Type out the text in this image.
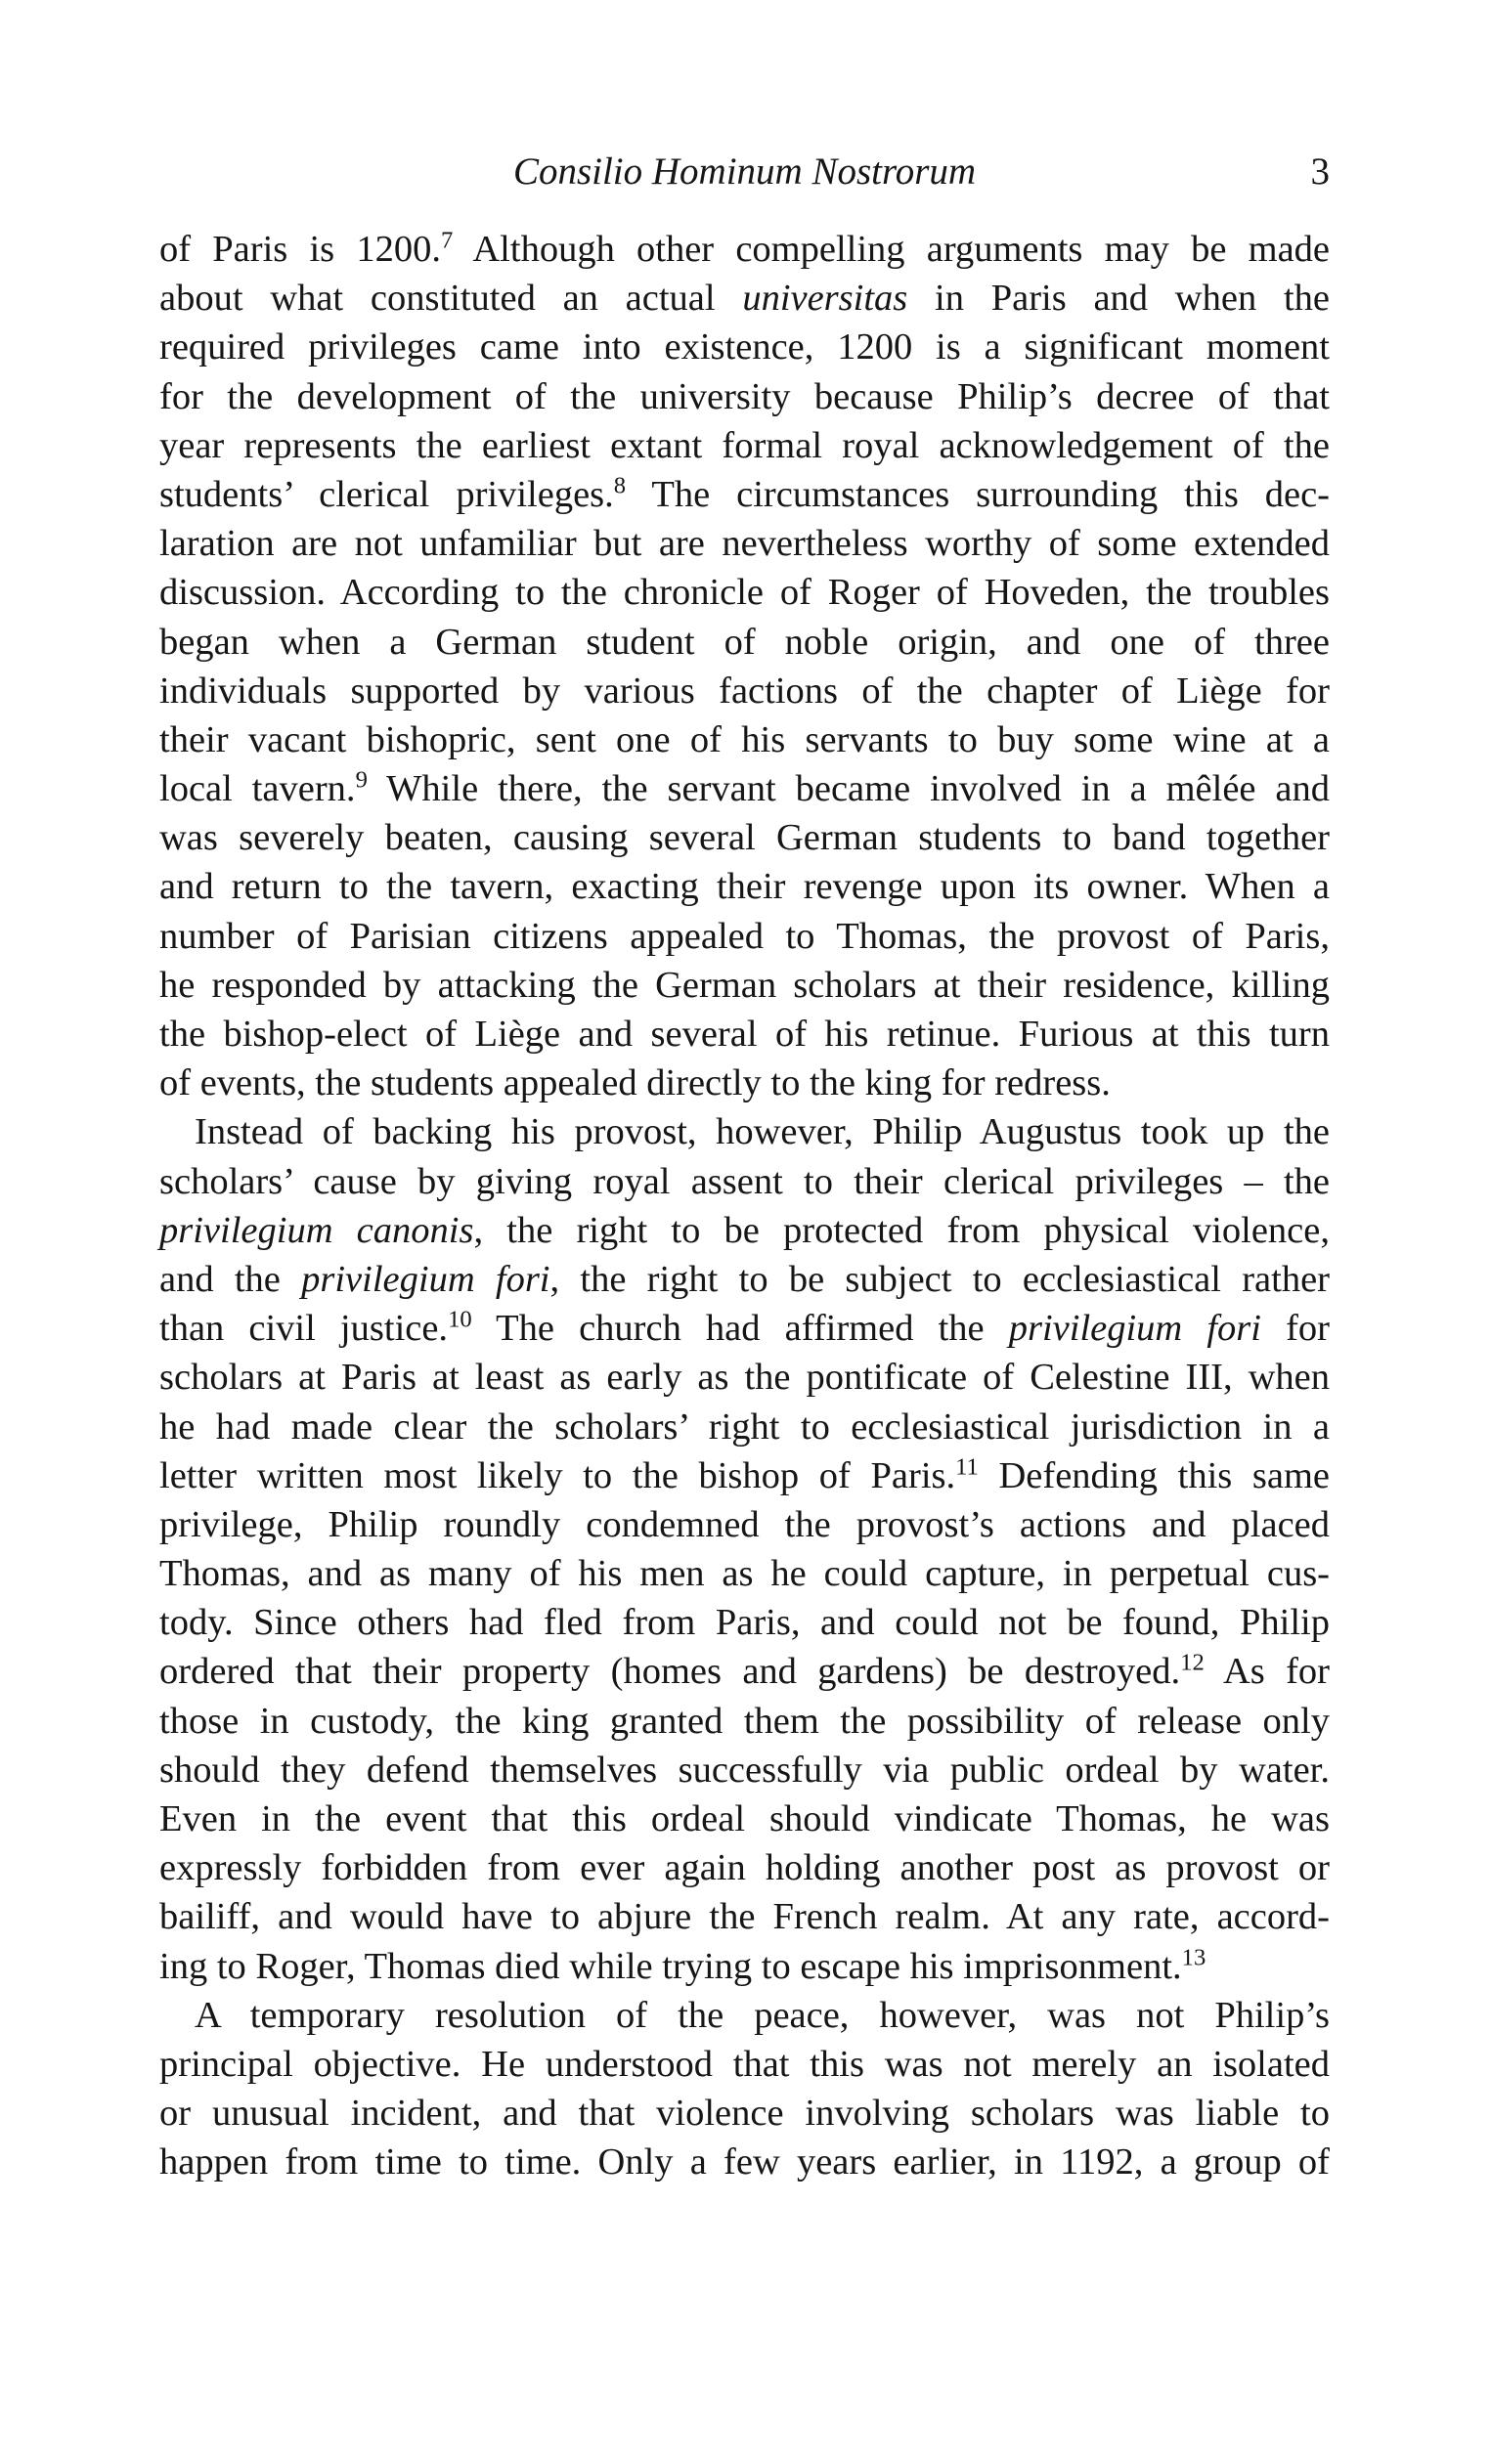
Consilio Hominum Nostrorum	3
of Paris is 1200.$^7$ Although other compelling arguments may be made
about what constituted an actual universitas in Paris and when the
required privileges came into existence, 1200 is a significant moment
for the development of the university because Philip’s decree of that
year represents the earliest extant formal royal acknowledgement of the
students’ clerical privileges.$^8$ The circumstances surrounding this dec-
laration are not unfamiliar but are nevertheless worthy of some extended
discussion. According to the chronicle of Roger of Hoveden, the troubles
began when a German student of noble origin, and one of three
individuals supported by various factions of the chapter of Liège for
their vacant bishopric, sent one of his servants to buy some wine at a
local tavern.$^9$ While there, the servant became involved in a mêlée and
was severely beaten, causing several German students to band together
and return to the tavern, exacting their revenge upon its owner. When a
number of Parisian citizens appealed to Thomas, the provost of Paris,
he responded by attacking the German scholars at their residence, killing
the bishop-elect of Liège and several of his retinue. Furious at this turn
of events, the students appealed directly to the king for redress.
Instead of backing his provost, however, Philip Augustus took up the
scholars’ cause by giving royal assent to their clerical privileges – the
privilegium canonis, the right to be protected from physical violence,
and the privilegium fori, the right to be subject to ecclesiastical rather
than civil justice.$^{10}$ The church had affirmed the privilegium fori for
scholars at Paris at least as early as the pontificate of Celestine III, when
he had made clear the scholars’ right to ecclesiastical jurisdiction in a
letter written most likely to the bishop of Paris.$^{11}$ Defending this same
privilege, Philip roundly condemned the provost’s actions and placed
Thomas, and as many of his men as he could capture, in perpetual cus-
tody. Since others had fled from Paris, and could not be found, Philip
ordered that their property (homes and gardens) be destroyed.$^{12}$ As for
those in custody, the king granted them the possibility of release only
should they defend themselves successfully via public ordeal by water.
Even in the event that this ordeal should vindicate Thomas, he was
expressly forbidden from ever again holding another post as provost or
bailiff, and would have to abjure the French realm. At any rate, accord-
ing to Roger, Thomas died while trying to escape his imprisonment.$^{13}$
A temporary resolution of the peace, however, was not Philip’s
principal objective. He understood that this was not merely an isolated
or unusual incident, and that violence involving scholars was liable to
happen from time to time. Only a few years earlier, in 1192, a group of
